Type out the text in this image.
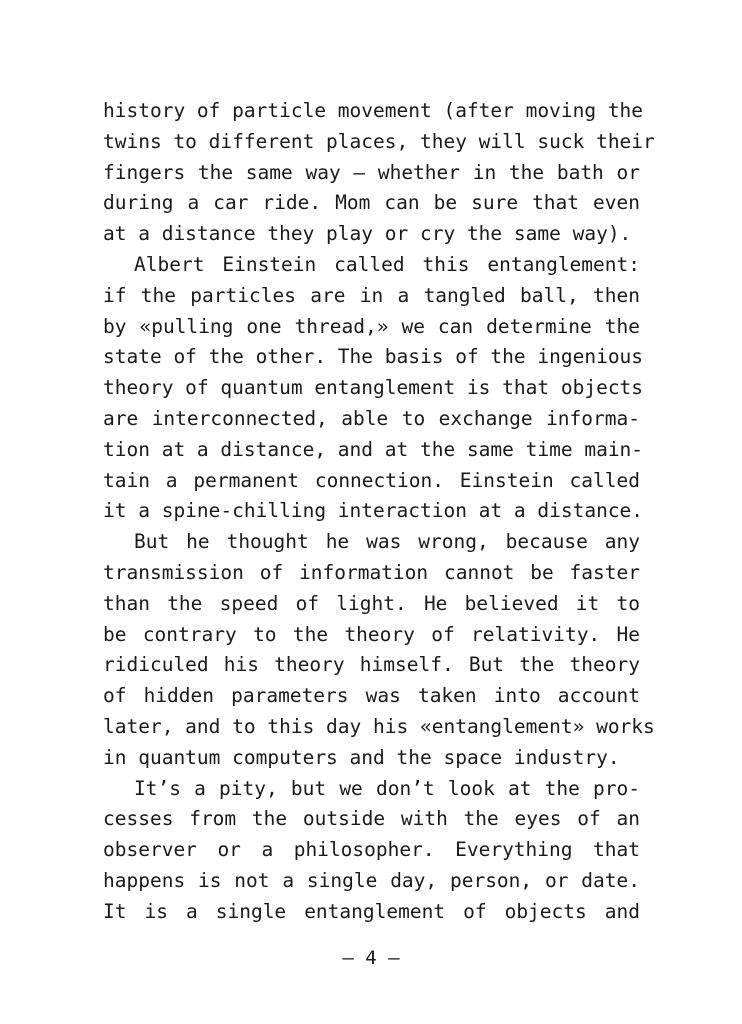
history of particle movement (after moving the
twins to different places, they will suck their
fingers the same way – whether in the bath or
during a car ride. Mom can be sure that even
at a distance they play or cry the same way).
Albert Einstein called this entanglement:
if the particles are in a tangled ball, then
by «pulling one thread,» we can determine the
state of the other. The basis of the ingenious
theory of quantum entanglement is that objects
are interconnected, able to exchange informa-
tion at a distance, and at the same time main-
tain a permanent connection. Einstein called
it a spine-chilling interaction at a distance.
But he thought he was wrong, because any
transmission of information cannot be faster
than the speed of light. He believed it to
be contrary to the theory of relativity. He
ridiculed his theory himself. But the theory
of hidden parameters was taken into account
later, and to this day his «entanglement» works
in quantum computers and the space industry.
It’s a pity, but we don’t look at the pro-
cesses from the outside with the eyes of an
observer or a philosopher. Everything that
happens is not a single day, person, or date.
It is a single entanglement of objects and
– 4 –
